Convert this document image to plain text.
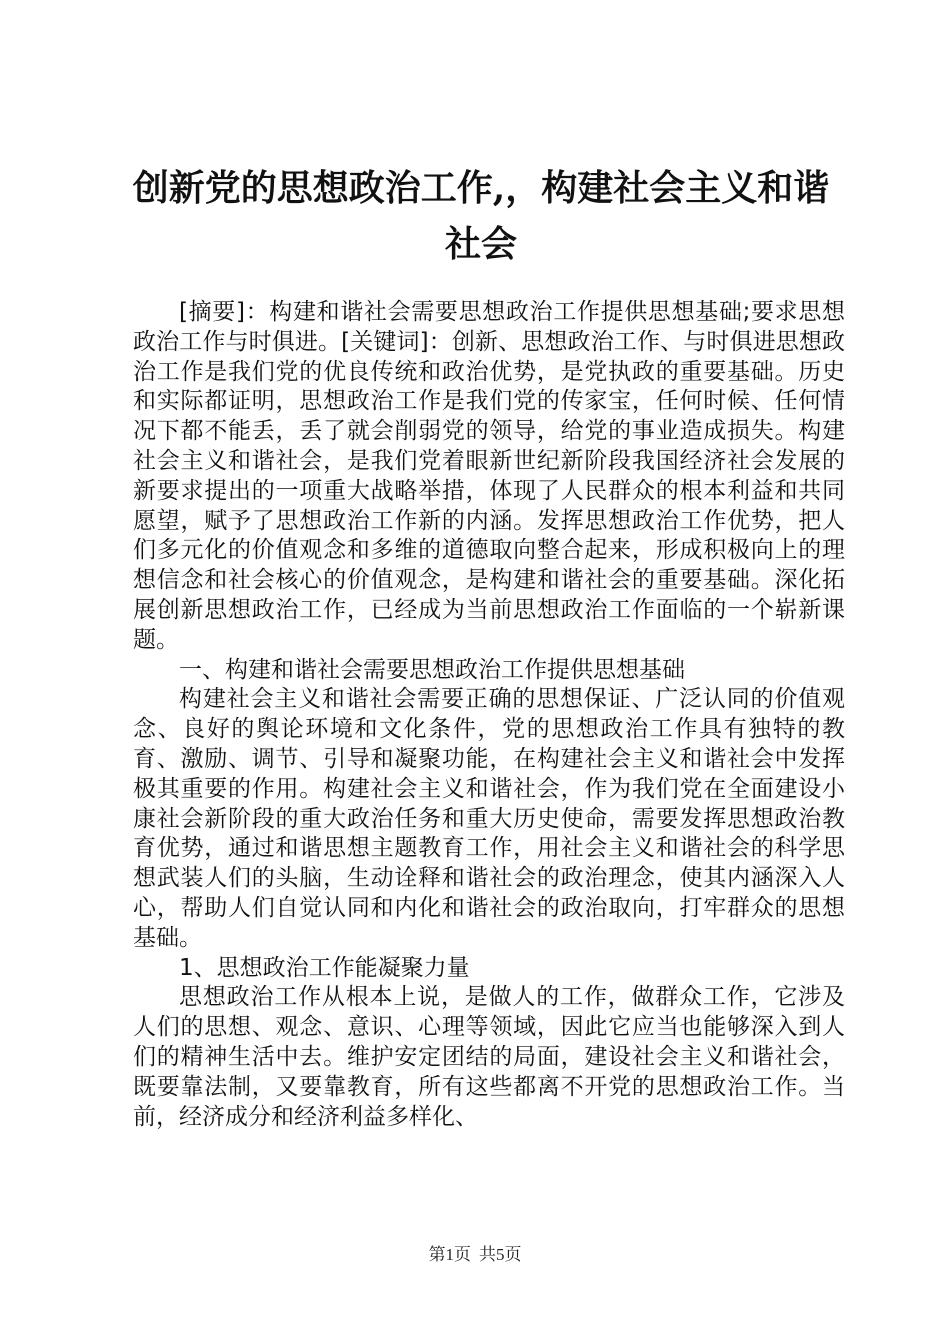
创新党的思想政治工作,，构建社会主义和谐社会

[摘要]：构建和谐社会需要思想政治工作提供思想基础;要求思想政治工作与时俱进。[关键词]：创新、思想政治工作、与时俱进思想政治工作是我们党的优良传统和政治优势，是党执政的重要基础。历史和实际都证明，思想政治工作是我们党的传家宝，任何时候、任何情况下都不能丢，丢了就会削弱党的领导，给党的事业造成损失。构建社会主义和谐社会，是我们党着眼新世纪新阶段我国经济社会发展的新要求提出的一项重大战略举措，体现了人民群众的根本利益和共同愿望，赋予了思想政治工作新的内涵。发挥思想政治工作优势，把人们多元化的价值观念和多维的道德取向整合起来，形成积极向上的理想信念和社会核心的价值观念，是构建和谐社会的重要基础。深化拓展创新思想政治工作，已经成为当前思想政治工作面临的一个崭新课题。

一、构建和谐社会需要思想政治工作提供思想基础

构建社会主义和谐社会需要正确的思想保证、广泛认同的价值观念、良好的舆论环境和文化条件，党的思想政治工作具有独特的教育、激励、调节、引导和凝聚功能，在构建社会主义和谐社会中发挥极其重要的作用。构建社会主义和谐社会，作为我们党在全面建设小康社会新阶段的重大政治任务和重大历史使命，需要发挥思想政治教育优势，通过和谐思想主题教育工作，用社会主义和谐社会的科学思想武装人们的头脑，生动诠释和谐社会的政治理念，使其内涵深入人心，帮助人们自觉认同和内化和谐社会的政治取向，打牢群众的思想基础。

1、思想政治工作能凝聚力量

思想政治工作从根本上说，是做人的工作，做群众工作，它涉及人们的思想、观念、意识、心理等领域，因此它应当也能够深入到人们的精神生活中去。维护安定团结的局面，建设社会主义和谐社会，既要靠法制，又要靠教育，所有这些都离不开党的思想政治工作。当前，经济成分和经济利益多样化、

第1页 共5页
